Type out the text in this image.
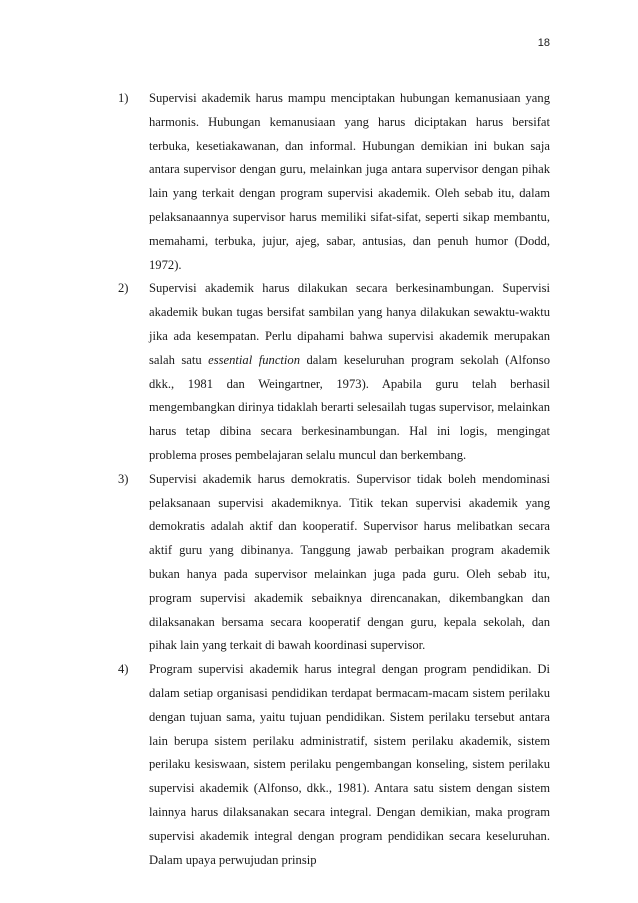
18
1) Supervisi akademik harus mampu menciptakan hubungan kemanusiaan yang harmonis. Hubungan kemanusiaan yang harus diciptakan harus bersifat terbuka, kesetiakawanan, dan informal. Hubungan demikian ini bukan saja antara supervisor dengan guru, melainkan juga antara supervisor dengan pihak lain yang terkait dengan program supervisi akademik. Oleh sebab itu, dalam pelaksanaannya supervisor harus memiliki sifat-sifat, seperti sikap membantu, memahami, terbuka, jujur, ajeg, sabar, antusias, dan penuh humor (Dodd, 1972).
2) Supervisi akademik harus dilakukan secara berkesinambungan. Supervisi akademik bukan tugas bersifat sambilan yang hanya dilakukan sewaktu-waktu jika ada kesempatan. Perlu dipahami bahwa supervisi akademik merupakan salah satu essential function dalam keseluruhan program sekolah (Alfonso dkk., 1981 dan Weingartner, 1973). Apabila guru telah berhasil mengembangkan dirinya tidaklah berarti selesailah tugas supervisor, melainkan harus tetap dibina secara berkesinambungan. Hal ini logis, mengingat problema proses pembelajaran selalu muncul dan berkembang.
3) Supervisi akademik harus demokratis. Supervisor tidak boleh mendominasi pelaksanaan supervisi akademiknya. Titik tekan supervisi akademik yang demokratis adalah aktif dan kooperatif. Supervisor harus melibatkan secara aktif guru yang dibinanya. Tanggung jawab perbaikan program akademik bukan hanya pada supervisor melainkan juga pada guru. Oleh sebab itu, program supervisi akademik sebaiknya direncanakan, dikembangkan dan dilaksanakan bersama secara kooperatif dengan guru, kepala sekolah, dan pihak lain yang terkait di bawah koordinasi supervisor.
4) Program supervisi akademik harus integral dengan program pendidikan. Di dalam setiap organisasi pendidikan terdapat bermacam-macam sistem perilaku dengan tujuan sama, yaitu tujuan pendidikan. Sistem perilaku tersebut antara lain berupa sistem perilaku administratif, sistem perilaku akademik, sistem perilaku kesiswaan, sistem perilaku pengembangan konseling, sistem perilaku supervisi akademik (Alfonso, dkk., 1981). Antara satu sistem dengan sistem lainnya harus dilaksanakan secara integral. Dengan demikian, maka program supervisi akademik integral dengan program pendidikan secara keseluruhan. Dalam upaya perwujudan prinsip
